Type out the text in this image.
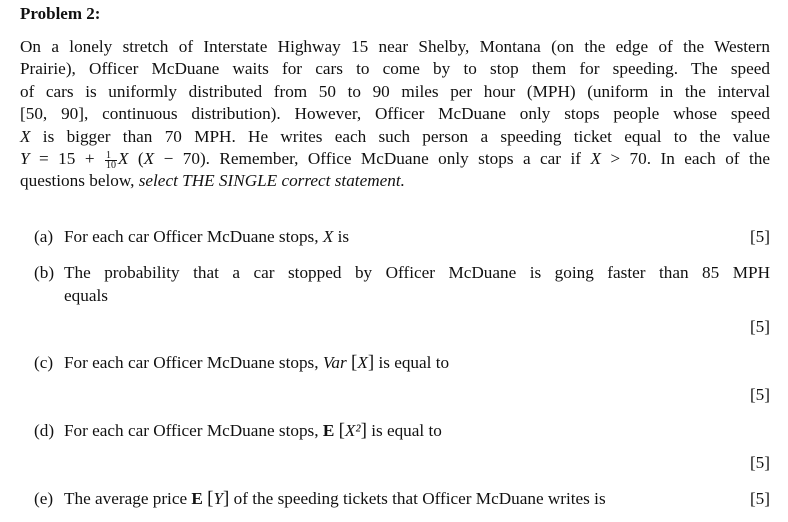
Problem 2:
On a lonely stretch of Interstate Highway 15 near Shelby, Montana (on the edge of the Western
Prairie), Officer McDuane waits for cars to come by to stop them for speeding. The speed
of cars is uniformly distributed from 50 to 90 miles per hour (MPH) (uniform in the interval
[50, 90], continuous distribution). However, Officer McDuane only stops people whose speed
X is bigger than 70 MPH. He writes each such person a speeding ticket equal to the value
$Y = 15 + \frac{1}{10}$ X (X − 70). Remember, Office McDuane only stops a car if X > 70. In each of the
questions below, select THE SINGLE correct statement.
(a) For each car Officer McDuane stops, X is	[5]
(b) The probability that a car stopped by Officer McDuane is going faster than 85 MPH
equals
[5]
(c) For each car Officer McDuane stops, Var [X] is equal to
[5]
(d) For each car Officer McDuane stops, E [X²] is equal to
[5]
(e) The average price E [Y] of the speeding tickets that Officer McDuane writes is	[5]
